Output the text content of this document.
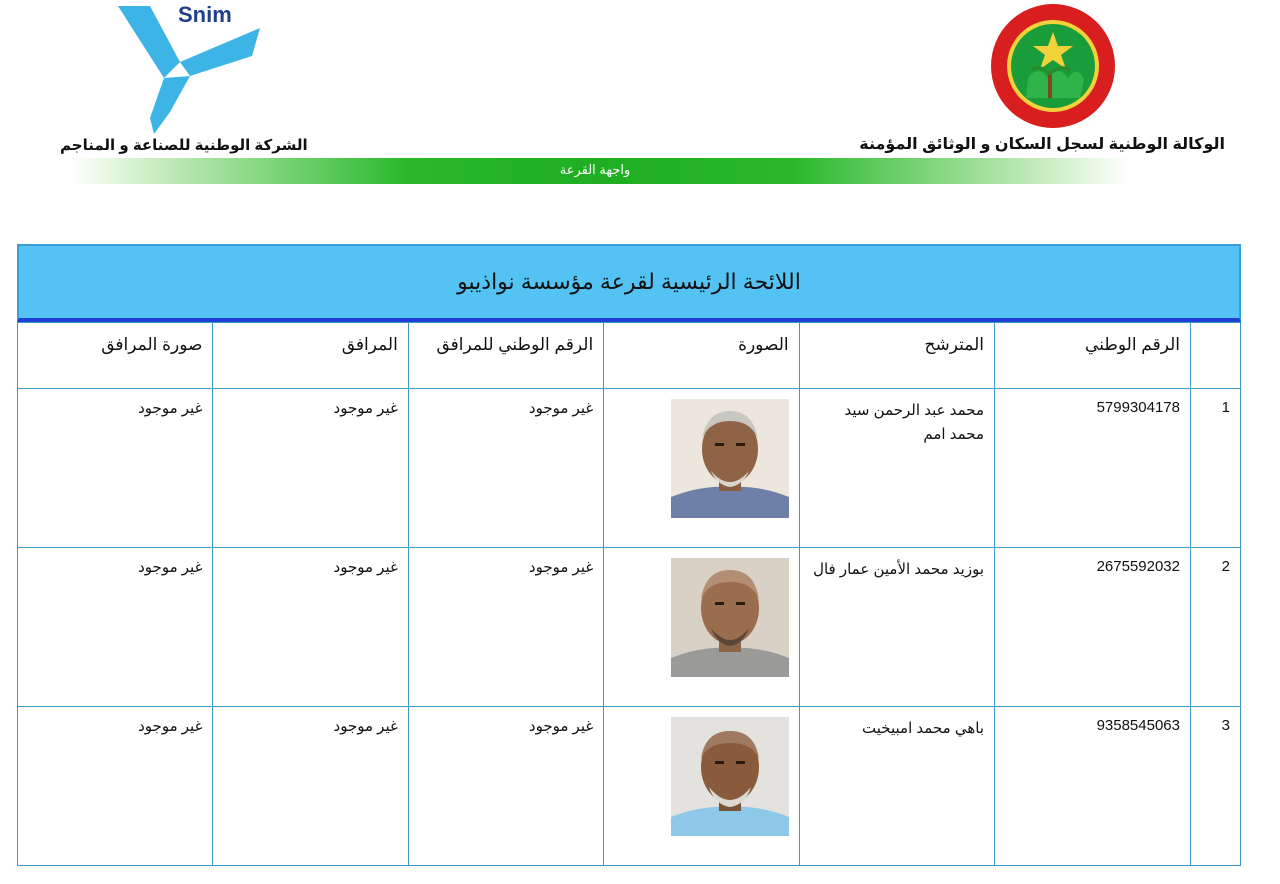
Snim
الشركة الوطنية للصناعة و المناجم	الوكالة الوطنية لسجل السكان و الوثائق المؤمنة
واجهة القرعة
اللائحة الرئيسية لقرعة مؤسسة نواذيبو
	الرقم الوطني	المترشح	الصورة	الرقم الوطني للمرافق	المرافق	صورة المرافق
1	5799304178	محمد عبد الرحمن سيد محمد امم		غير موجود	غير موجود	غير موجود
2	2675592032	بوزيد محمد الأمين عمار فال		غير موجود	غير موجود	غير موجود
3	9358545063	باهي محمد امبيخيت		غير موجود	غير موجود	غير موجود
